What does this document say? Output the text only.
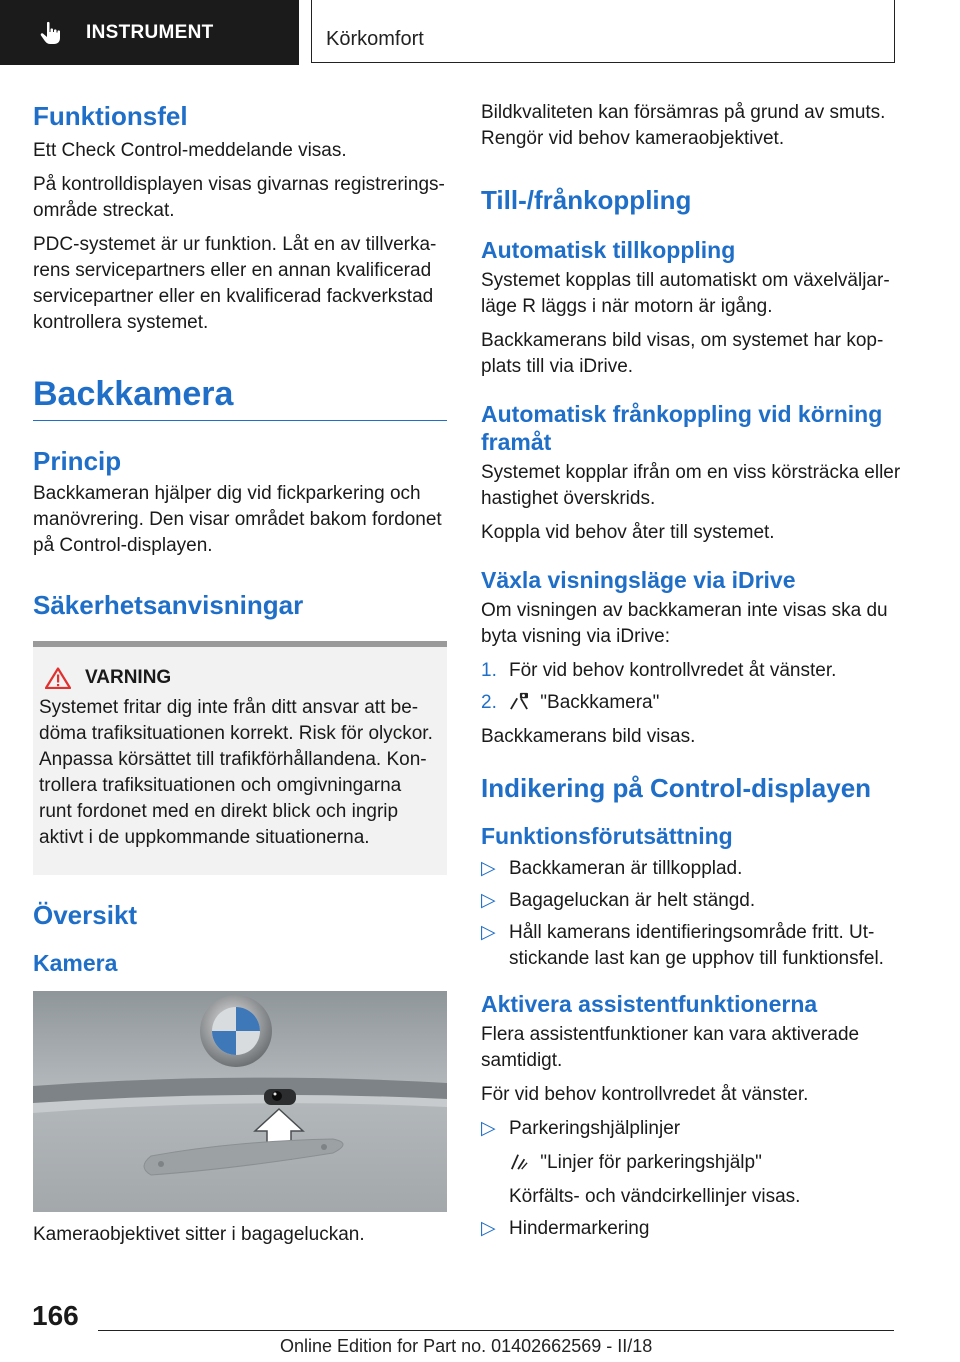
INSTRUMENT	Körkomfort
Funktionsfel

Ett Check Control-meddelande visas.

På kontrolldisplayen visas givarnas registreringsområde streckat.

PDC-systemet är ur funktion. Låt en av tillverkarens servicepartners eller en annan kvalificerad servicepartner eller en kvalificerad fackverkstad kontrollera systemet.

Backkamera
Princip

Backkameran hjälper dig vid fickparkering och manövrering. Den visar området bakom fordonet på Control-displayen.

Säkerhetsanvisningar
VARNING

Systemet fritar dig inte från ditt ansvar att bedöma trafiksituationen korrekt. Risk för olyckor. Anpassa körsättet till trafikförhållandena. Kontrollera trafiksituationen och omgivningarna runt fordonet med en direkt blick och ingrip aktivt i de uppkommande situationerna.

Översikt
Kamera

Kameraobjektivet sitter i bagageluckan.

Bildkvaliteten kan försämras på grund av smuts. Rengör vid behov kameraobjektivet.

Till-/frånkoppling
Automatisk tillkoppling

Systemet kopplas till automatiskt om växelväljarläge R läggs i när motorn är igång.

Backkamerans bild visas, om systemet har kopplats till via iDrive.

Automatisk frånkoppling vid körning framåt

Systemet kopplar ifrån om en viss körsträcka eller hastighet överskrids.

Koppla vid behov åter till systemet.

Växla visningsläge via iDrive

Om visningen av backkameran inte visas ska du byta visning via iDrive:

1. För vid behov kontrollvredet åt vänster.
2.	"Backkamera"

Backkamerans bild visas.

Indikering på Control-displayen
Funktionsförutsättning
▷ Backkameran är tillkopplad.
▷ Bagageluckan är helt stängd.
▷ Håll kamerans identifieringsområde fritt. Utstickande last kan ge upphov till funktionsfel.
Aktivera assistentfunktionerna

Flera assistentfunktioner kan vara aktiverade samtidigt.

För vid behov kontrollvredet åt vänster.

▷ Parkeringshjälplinjer
"Linjer för parkeringshjälp"
Körfälts- och vändcirkellinjer visas.
▷ Hindermarkering
166
Online Edition for Part no. 01402662569 - II/18
